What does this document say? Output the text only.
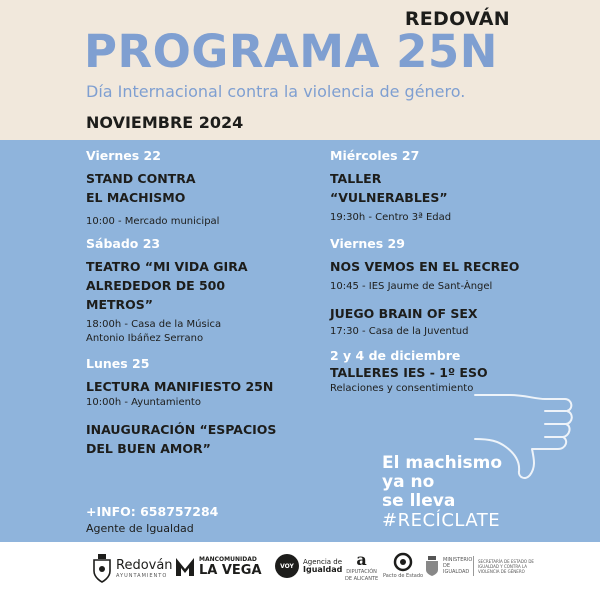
REDOVÁN
PROGRAMA 25N
Día Internacional contra la violencia de género.
NOVIEMBRE 2024
Viernes 22
STAND CONTRA
EL MACHISMO
10:00 - Mercado municipal
Sábado 23
TEATRO “MI VIDA GIRA
ALREDEDOR DE 500
METROS”
18:00h - Casa de la Música
Antonio Ibáñez Serrano
Lunes 25
LECTURA MANIFIESTO 25N
10:00h - Ayuntamiento
INAUGURACIÓN “ESPACIOS
DEL BUEN AMOR”
Miércoles 27
TALLER
“VULNERABLES”
19:30h - Centro 3ª Edad
Viernes 29
NOS VEMOS EN EL RECREO
10:45 - IES Jaume de Sant-Àngel
JUEGO BRAIN OF SEX
17:30 - Casa de la Juventud
2 y 4 de diciembre
TALLERES IES - 1º ESO
Relaciones y consentimiento
El machismo
ya no
se lleva
#RECÍCLATE
+INFO: 658757284
Agente de Igualdad
Redován
AYUNTAMIENTO
MANCOMUNIDAD
LA VEGA	VOY	Agencia de
Igualdad
a
DIPUTACIÓN
DE ALICANTE Pacto de Estado
MINISTERIO DE IGUALDAD
SECRETARÍA DE ESTADO DE IGUALDAD Y CONTRA LA VIOLENCIA DE GÉNERO
